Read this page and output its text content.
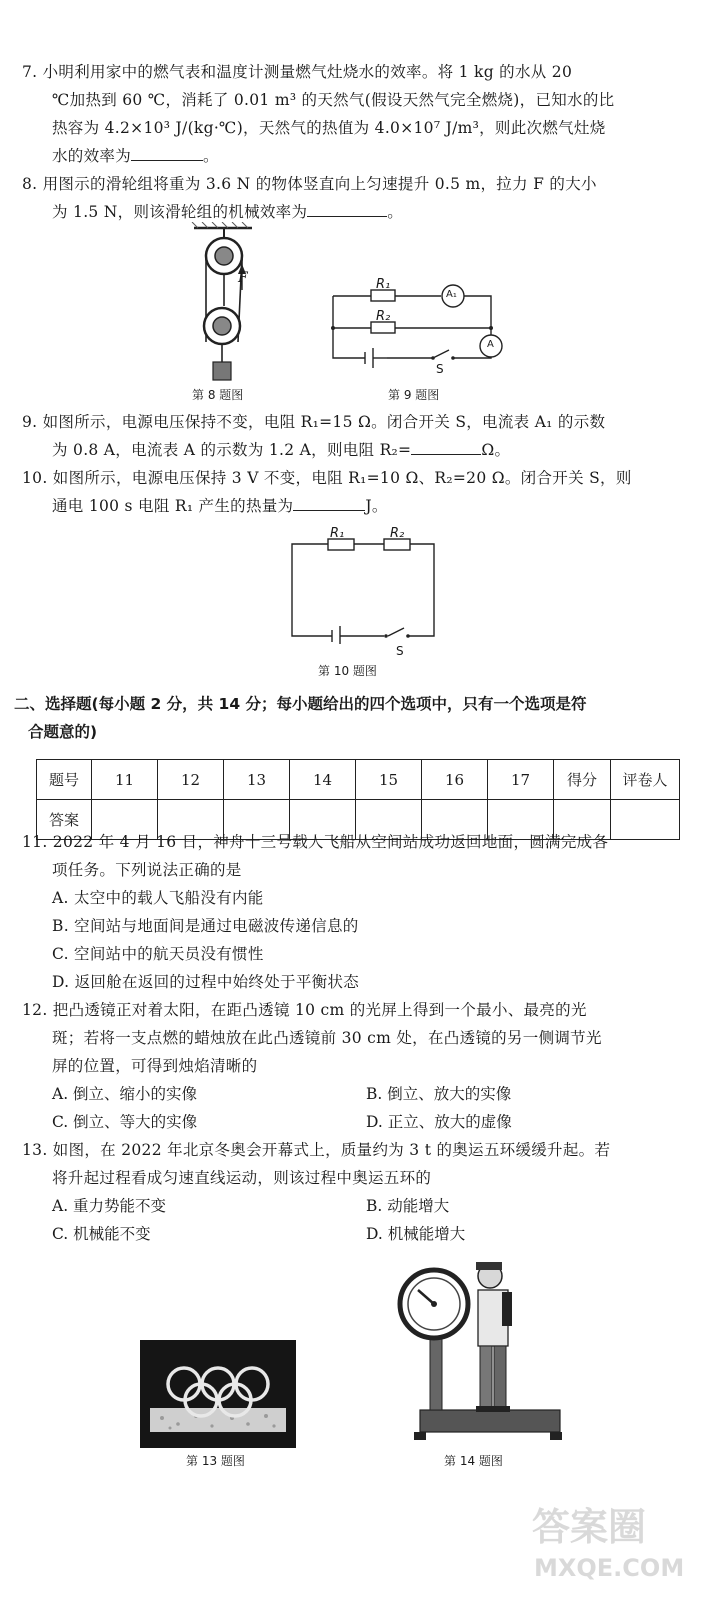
7. 小明利用家中的燃气表和温度计测量燃气灶烧水的效率。将 1 kg 的水从 20
℃加热到 60 ℃，消耗了 0.01 m³ 的天然气(假设天然气完全燃烧)，已知水的比
热容为 4.2×10³ J/(kg·℃)，天然气的热值为 4.0×10⁷ J/m³，则此次燃气灶烧
水的效率为	。
8. 用图示的滑轮组将重为 3.6 N 的物体竖直向上匀速提升 0.5 m，拉力 F 的大小
为 1.5 N，则该滑轮组的机械效率为	。
F
第 8 题图
R₁
R₂
A₁
A
S
第 9 题图
9. 如图所示，电源电压保持不变，电阻 R₁=15 Ω。闭合开关 S，电流表 A₁ 的示数
为 0.8 A，电流表 A 的示数为 1.2 A，则电阻 R₂=	Ω。
10. 如图所示，电源电压保持 3 V 不变，电阻 R₁=10 Ω、R₂=20 Ω。闭合开关 S，则
通电 100 s 电阻 R₁ 产生的热量为	J。
R₁	R₂
S
第 10 题图
二、选择题(每小题 2 分，共 14 分；每小题给出的四个选项中，只有一个选项是符
合题意的)
题号	11	12	13	14	15	16	17	得分	评卷人
答案									
11. 2022 年 4 月 16 日，神舟十三号载人飞船从空间站成功返回地面，圆满完成各
项任务。下列说法正确的是
A. 太空中的载人飞船没有内能
B. 空间站与地面间是通过电磁波传递信息的
C. 空间站中的航天员没有惯性
D. 返回舱在返回的过程中始终处于平衡状态
12. 把凸透镜正对着太阳，在距凸透镜 10 cm 的光屏上得到一个最小、最亮的光
斑；若将一支点燃的蜡烛放在此凸透镜前 30 cm 处，在凸透镜的另一侧调节光
屏的位置，可得到烛焰清晰的
A. 倒立、缩小的实像	B. 倒立、放大的实像
C. 倒立、等大的实像	D. 正立、放大的虚像
13. 如图，在 2022 年北京冬奥会开幕式上，质量约为 3 t 的奥运五环缓缓升起。若
将升起过程看成匀速直线运动，则该过程中奥运五环的
A. 重力势能不变	B. 动能增大
C. 机械能不变	D. 机械能增大
第 13 题图	第 14 题图
答案圈
MXQE.COM
